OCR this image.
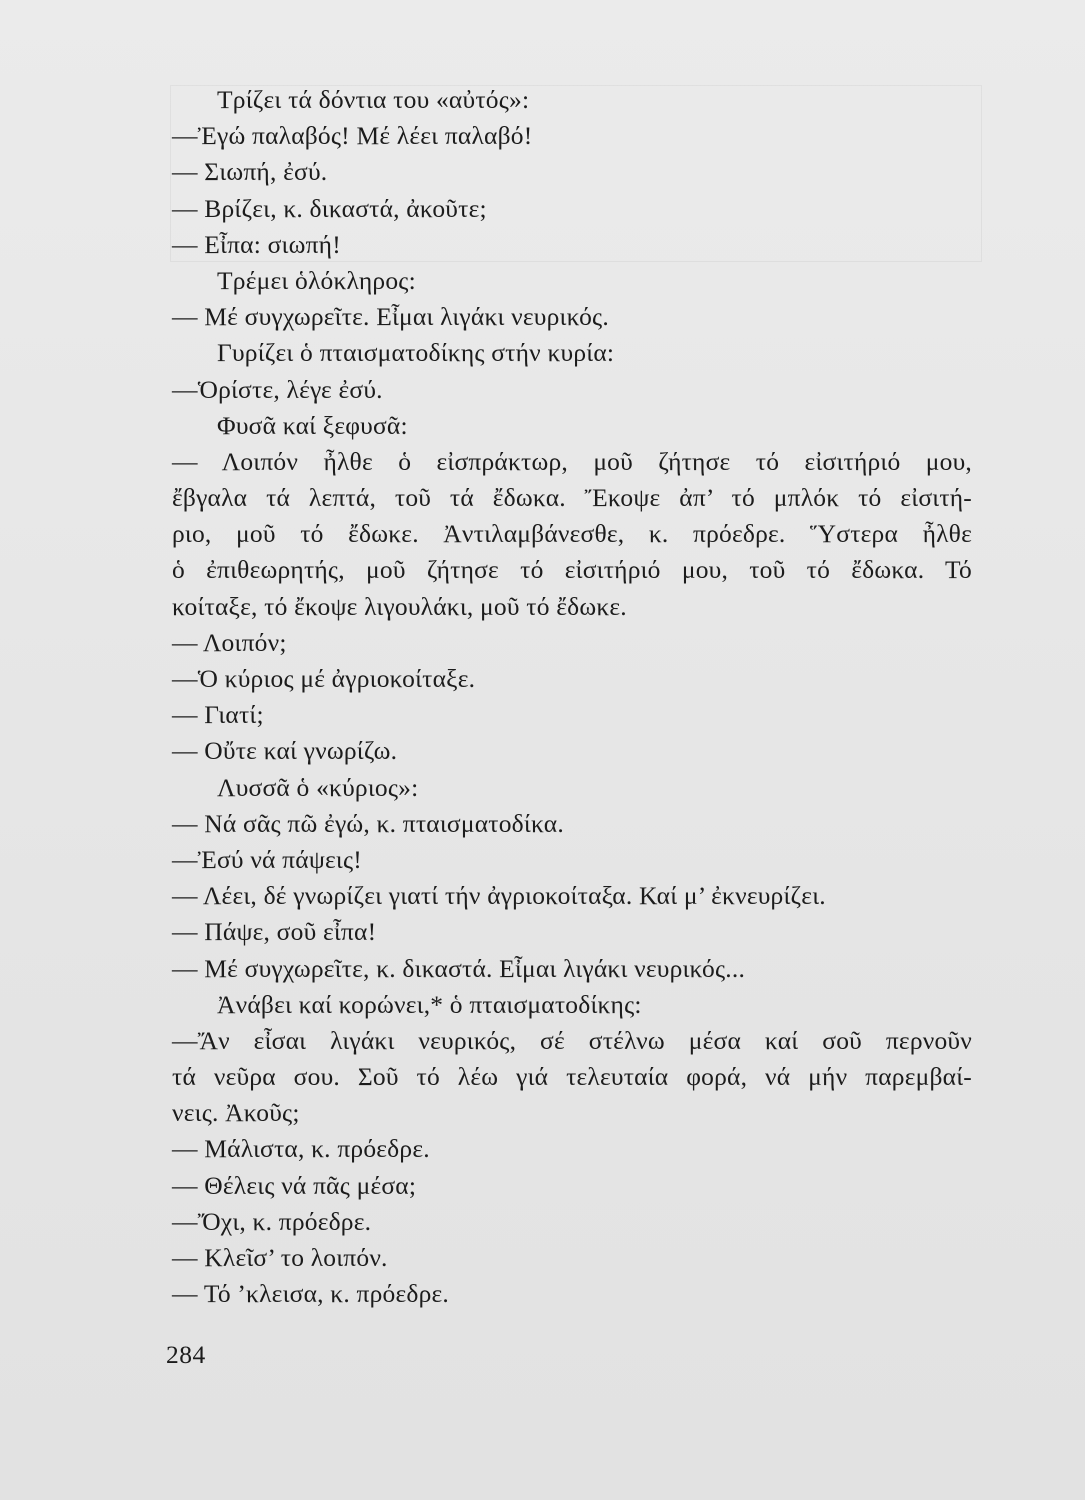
Τρίζει τά δόντια του «αὐτός»:
—Ἐγώ παλαβός! Μέ λέει παλαβό!
— Σιωπή, ἐσύ.
— Βρίζει, κ. δικαστά, ἀκοῦτε;
— Εἶπα: σιωπή!
Τρέμει ὁλόκληρος:
— Μέ συγχωρεῖτε. Εἶμαι λιγάκι νευρικός.
Γυρίζει ὁ πταισματοδίκης στήν κυρία:
—Ὁρίστε, λέγε ἐσύ.
Φυσᾶ καί ξεφυσᾶ:
— Λοιπόν ἦλθε ὁ εἰσπράκτωρ, μοῦ ζήτησε τό εἰσιτήριό μου,
ἔβγαλα τά λεπτά, τοῦ τά ἔδωκα. Ἔκοψε ἀπ’ τό μπλόκ τό εἰσιτή-
ριο, μοῦ τό ἔδωκε. Ἀντιλαμβάνεσθε, κ. πρόεδρε. Ὕστερα ἦλθε
ὁ ἐπιθεωρητής, μοῦ ζήτησε τό εἰσιτήριό μου, τοῦ τό ἔδωκα. Τό
κοίταξε, τό ἔκοψε λιγουλάκι, μοῦ τό ἔδωκε.
— Λοιπόν;
—Ὁ κύριος μέ ἀγριοκοίταξε.
— Γιατί;
— Οὔτε καί γνωρίζω.
Λυσσᾶ ὁ «κύριος»:
— Νά σᾶς πῶ ἐγώ, κ. πταισματοδίκα.
—Ἐσύ νά πάψεις!
— Λέει, δέ γνωρίζει γιατί τήν ἀγριοκοίταξα. Καί μ’ ἐκνευρίζει.
— Πάψε, σοῦ εἶπα!
— Μέ συγχωρεῖτε, κ. δικαστά. Εἶμαι λιγάκι νευρικός...
Ἀνάβει καί κορώνει,* ὁ πταισματοδίκης:
—Ἄν εἶσαι λιγάκι νευρικός, σέ στέλνω μέσα καί σοῦ περνοῦν
τά νεῦρα σου. Σοῦ τό λέω γιά τελευταία φορά, νά μήν παρεμβαί-
νεις. Ἀκοῦς;
— Μάλιστα, κ. πρόεδρε.
— Θέλεις νά πᾶς μέσα;
—Ὄχι, κ. πρόεδρε.
— Κλεῖσ’ το λοιπόν.
— Τό ’κλεισα, κ. πρόεδρε.
284
